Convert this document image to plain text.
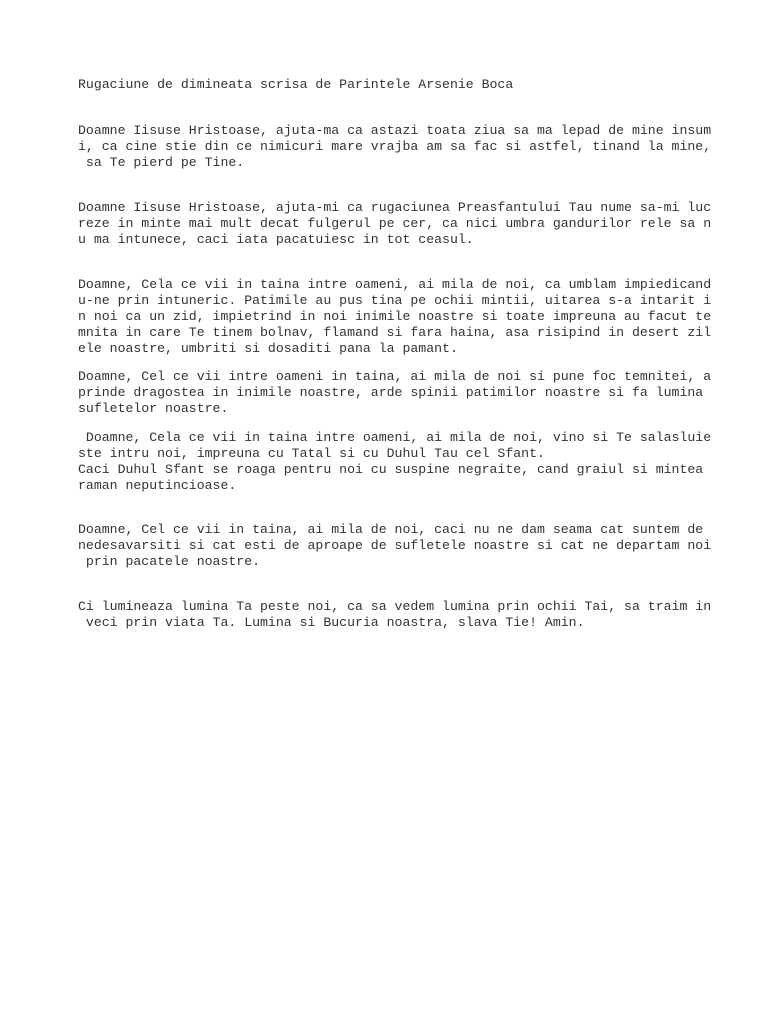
Rugaciune de dimineata scrisa de Parintele Arsenie Boca

Doamne Iisuse Hristoase, ajuta-ma ca astazi toata ziua sa ma lepad de mine insum

i, ca cine stie din ce nimicuri mare vrajba am sa fac si astfel, tinand la mine,

sa Te pierd pe Tine.

Doamne Iisuse Hristoase, ajuta-mi ca rugaciunea Preasfantului Tau nume sa-mi luc

reze in minte mai mult decat fulgerul pe cer, ca nici umbra gandurilor rele sa n

u ma intunece, caci iata pacatuiesc in tot ceasul.

Doamne, Cela ce vii in taina intre oameni, ai mila de noi, ca umblam impiedicand

u-ne prin intuneric. Patimile au pus tina pe ochii mintii, uitarea s-a intarit i

n noi ca un zid, impietrind in noi inimile noastre si toate impreuna au facut te

mnita in care Te tinem bolnav, flamand si fara haina, asa risipind in desert zil

ele noastre, umbriti si dosaditi pana la pamant.

Doamne, Cel ce vii intre oameni in taina, ai mila de noi si pune foc temnitei, a

prinde dragostea in inimile noastre, arde spinii patimilor noastre si fa lumina

sufletelor noastre.

Doamne, Cela ce vii in taina intre oameni, ai mila de noi, vino si Te salasluie

ste intru noi, impreuna cu Tatal si cu Duhul Tau cel Sfant.

Caci Duhul Sfant se roaga pentru noi cu suspine negraite, cand graiul si mintea

raman neputincioase.

Doamne, Cel ce vii in taina, ai mila de noi, caci nu ne dam seama cat suntem de

nedesavarsiti si cat esti de aproape de sufletele noastre si cat ne departam noi

prin pacatele noastre.

Ci lumineaza lumina Ta peste noi, ca sa vedem lumina prin ochii Tai, sa traim in

veci prin viata Ta. Lumina si Bucuria noastra, slava Tie! Amin.
